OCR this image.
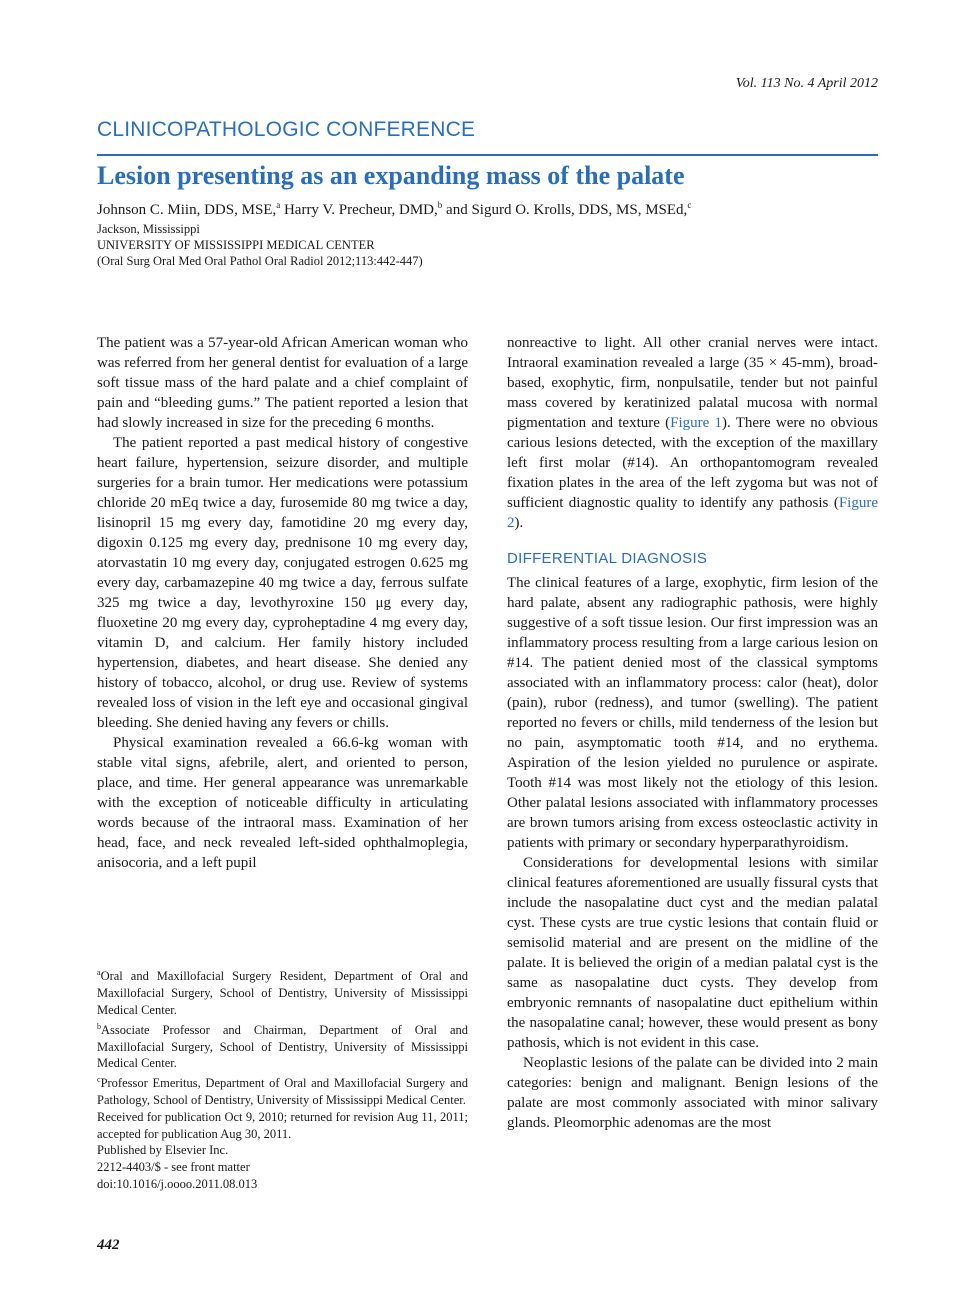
Vol. 113 No. 4 April 2012
CLINICOPATHOLOGIC CONFERENCE
Lesion presenting as an expanding mass of the palate
Johnson C. Miin, DDS, MSE,$^a$ Harry V. Precheur, DMD,$^b$ and Sigurd O. Krolls, DDS, MS, MSEd,$^c$
Jackson, Mississippi
UNIVERSITY OF MISSISSIPPI MEDICAL CENTER
(Oral Surg Oral Med Oral Pathol Oral Radiol 2012;113:442-447)

The patient was a 57-year-old African American woman who was referred from her general dentist for evaluation of a large soft tissue mass of the hard palate and a chief complaint of pain and “bleeding gums.” The patient reported a lesion that had slowly increased in size for the preceding 6 months.

The patient reported a past medical history of congestive heart failure, hypertension, seizure disorder, and multiple surgeries for a brain tumor. Her medications were potassium chloride 20 mEq twice a day, furosemide 80 mg twice a day, lisinopril 15 mg every day, famotidine 20 mg every day, digoxin 0.125 mg every day, prednisone 10 mg every day, atorvastatin 10 mg every day, conjugated estrogen 0.625 mg every day, carbamazepine 40 mg twice a day, ferrous sulfate 325 mg twice a day, levothyroxine 150 μg every day, fluoxetine 20 mg every day, cyproheptadine 4 mg every day, vitamin D, and calcium. Her family history included hypertension, diabetes, and heart disease. She denied any history of tobacco, alcohol, or drug use. Review of systems revealed loss of vision in the left eye and occasional gingival bleeding. She denied having any fevers or chills.

Physical examination revealed a 66.6-kg woman with stable vital signs, afebrile, alert, and oriented to person, place, and time. Her general appearance was unremarkable with the exception of noticeable difficulty in articulating words because of the intraoral mass. Examination of her head, face, and neck revealed left-sided ophthalmoplegia, anisocoria, and a left pupil

nonreactive to light. All other cranial nerves were intact. Intraoral examination revealed a large (35 × 45-mm), broad-based, exophytic, firm, nonpulsatile, tender but not painful mass covered by keratinized palatal mucosa with normal pigmentation and texture (Figure 1). There were no obvious carious lesions detected, with the exception of the maxillary left first molar (#14). An orthopantomogram revealed fixation plates in the area of the left zygoma but was not of sufficient diagnostic quality to identify any pathosis (Figure 2).

DIFFERENTIAL DIAGNOSIS

The clinical features of a large, exophytic, firm lesion of the hard palate, absent any radiographic pathosis, were highly suggestive of a soft tissue lesion. Our first impression was an inflammatory process resulting from a large carious lesion on #14. The patient denied most of the classical symptoms associated with an inflammatory process: calor (heat), dolor (pain), rubor (redness), and tumor (swelling). The patient reported no fevers or chills, mild tenderness of the lesion but no pain, asymptomatic tooth #14, and no erythema. Aspiration of the lesion yielded no purulence or aspirate. Tooth #14 was most likely not the etiology of this lesion. Other palatal lesions associated with inflammatory processes are brown tumors arising from excess osteoclastic activity in patients with primary or secondary hyperparathyroidism.

Considerations for developmental lesions with similar clinical features aforementioned are usually fissural cysts that include the nasopalatine duct cyst and the median palatal cyst. These cysts are true cystic lesions that contain fluid or semisolid material and are present on the midline of the palate. It is believed the origin of a median palatal cyst is the same as nasopalatine duct cysts. They develop from embryonic remnants of nasopalatine duct epithelium within the nasopalatine canal; however, these would present as bony pathosis, which is not evident in this case.

Neoplastic lesions of the palate can be divided into 2 main categories: benign and malignant. Benign lesions of the palate are most commonly associated with minor salivary glands. Pleomorphic adenomas are the most

$^a$Oral and Maxillofacial Surgery Resident, Department of Oral and Maxillofacial Surgery, School of Dentistry, University of Mississippi Medical Center.

$^b$Associate Professor and Chairman, Department of Oral and Maxillofacial Surgery, School of Dentistry, University of Mississippi Medical Center.

$^c$Professor Emeritus, Department of Oral and Maxillofacial Surgery and Pathology, School of Dentistry, University of Mississippi Medical Center.

Received for publication Oct 9, 2010; returned for revision Aug 11, 2011; accepted for publication Aug 30, 2011.

Published by Elsevier Inc.

2212-4403/$ - see front matter

doi:10.1016/j.oooo.2011.08.013

442
